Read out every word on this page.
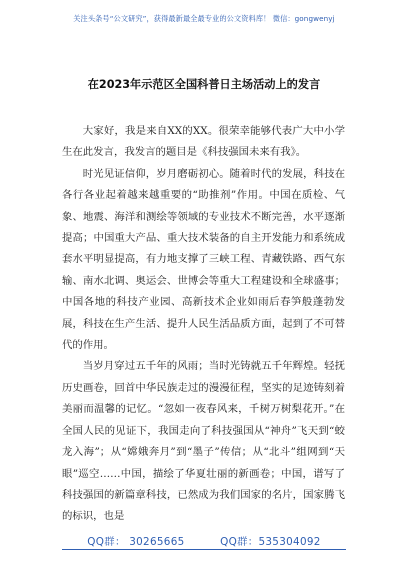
关注头条号“公文研究”，获得最新最全最专业的公文资料库！ 微信：gongwenyj
在2023年示范区全国科普日主场活动上的发言

大家好，我是来自XX的XX。很荣幸能够代表广大中小学生在此发言，我发言的题目是《科技强国未来有我》。

时光见证信仰，岁月磨砺初心。随着时代的发展，科技在各行各业起着越来越重要的“助推剂”作用。中国在质检、气象、地震、海洋和测绘等领域的专业技术不断完善，水平逐渐提高；中国重大产品、重大技术装备的自主开发能力和系统成套水平明显提高，有力地支撑了三峡工程、青藏铁路、西气东输、南水北调、奥运会、世博会等重大工程建设和全球盛事；中国各地的科技产业园、高新技术企业如雨后春笋般蓬勃发展，科技在生产生活、提升人民生活品质方面，起到了不可替代的作用。

当岁月穿过五千年的风雨；当时光铸就五千年辉煌。轻抚历史画卷，回首中华民族走过的漫漫征程，坚实的足迹铸刻着美丽而温馨的记忆。“忽如一夜春风来，千树万树梨花开。”在全国人民的见证下，我国走向了科技强国从“神舟”飞天到“蛟龙入海”；从“嫦娥奔月”到“墨子”传信；从“北斗”组网到“天眼”巡空……中国，描绘了华夏壮丽的新画卷；中国，谱写了科技强国的新篇章科技，已然成为我们国家的名片，国家腾飞的标识，也是

QQ群： 30265665	QQ群：535304092
